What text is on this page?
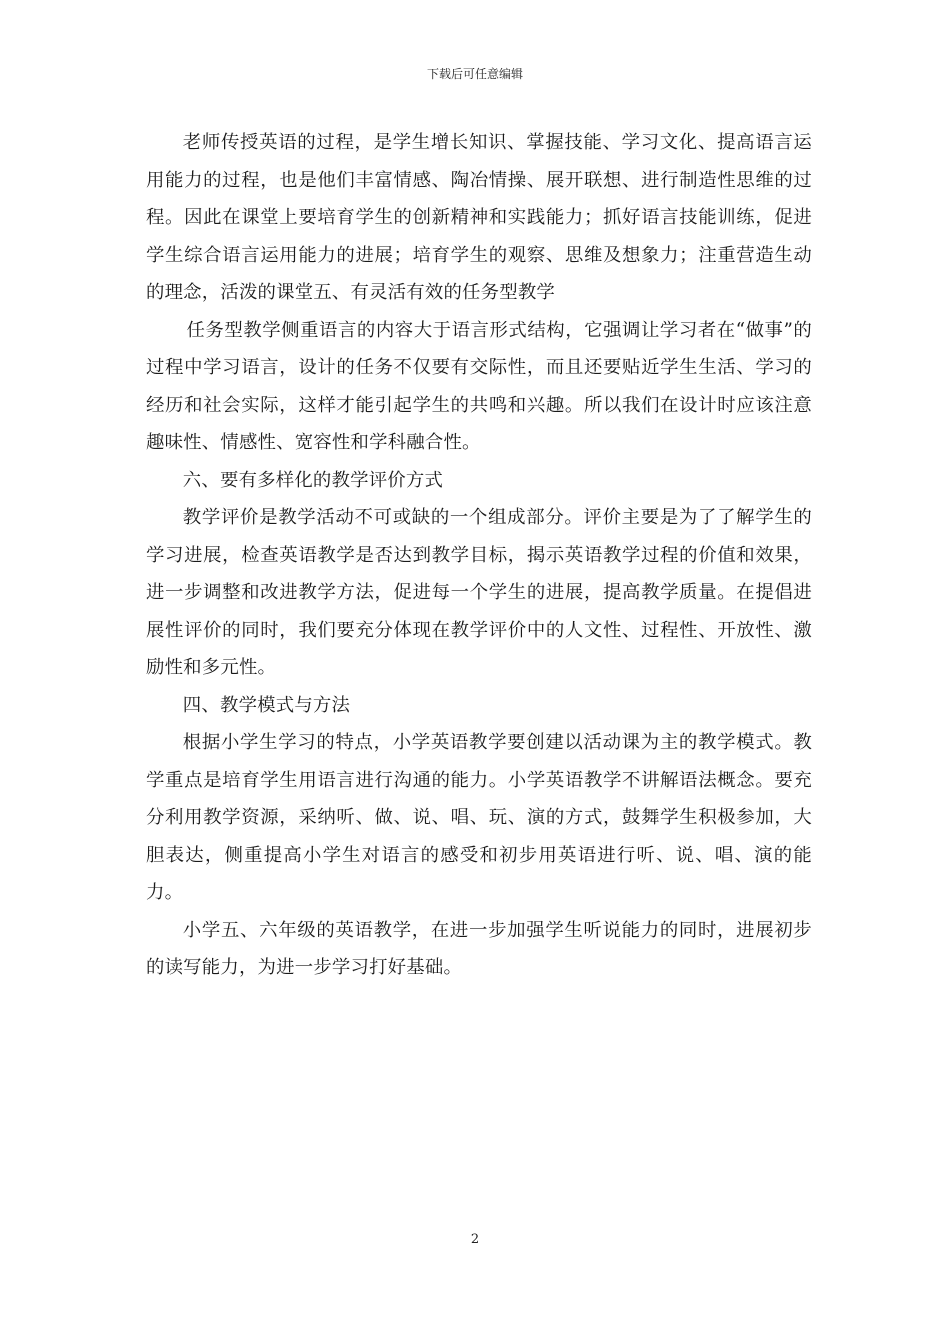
下载后可任意编辑

老师传授英语的过程，是学生增长知识、掌握技能、学习文化、提高语言运用能力的过程，也是他们丰富情感、陶冶情操、展开联想、进行制造性思维的过程。因此在课堂上要培育学生的创新精神和实践能力；抓好语言技能训练，促进学生综合语言运用能力的进展；培育学生的观察、思维及想象力；注重营造生动的理念，活泼的课堂五、有灵活有效的任务型教学

任务型教学侧重语言的内容大于语言形式结构，它强调让学习者在“做事”的过程中学习语言，设计的任务不仅要有交际性，而且还要贴近学生生活、学习的经历和社会实际，这样才能引起学生的共鸣和兴趣。所以我们在设计时应该注意趣味性、情感性、宽容性和学科融合性。

六、要有多样化的教学评价方式

教学评价是教学活动不可或缺的一个组成部分。评价主要是为了了解学生的学习进展，检查英语教学是否达到教学目标，揭示英语教学过程的价值和效果，进一步调整和改进教学方法，促进每一个学生的进展，提高教学质量。在提倡进展性评价的同时，我们要充分体现在教学评价中的人文性、过程性、开放性、激励性和多元性。

四、教学模式与方法

根据小学生学习的特点，小学英语教学要创建以活动课为主的教学模式。教学重点是培育学生用语言进行沟通的能力。小学英语教学不讲解语法概念。要充分利用教学资源，采纳听、做、说、唱、玩、演的方式，鼓舞学生积极参加，大胆表达，侧重提高小学生对语言的感受和初步用英语进行听、说、唱、演的能力。

小学五、六年级的英语教学，在进一步加强学生听说能力的同时，进展初步的读写能力，为进一步学习打好基础。

2
